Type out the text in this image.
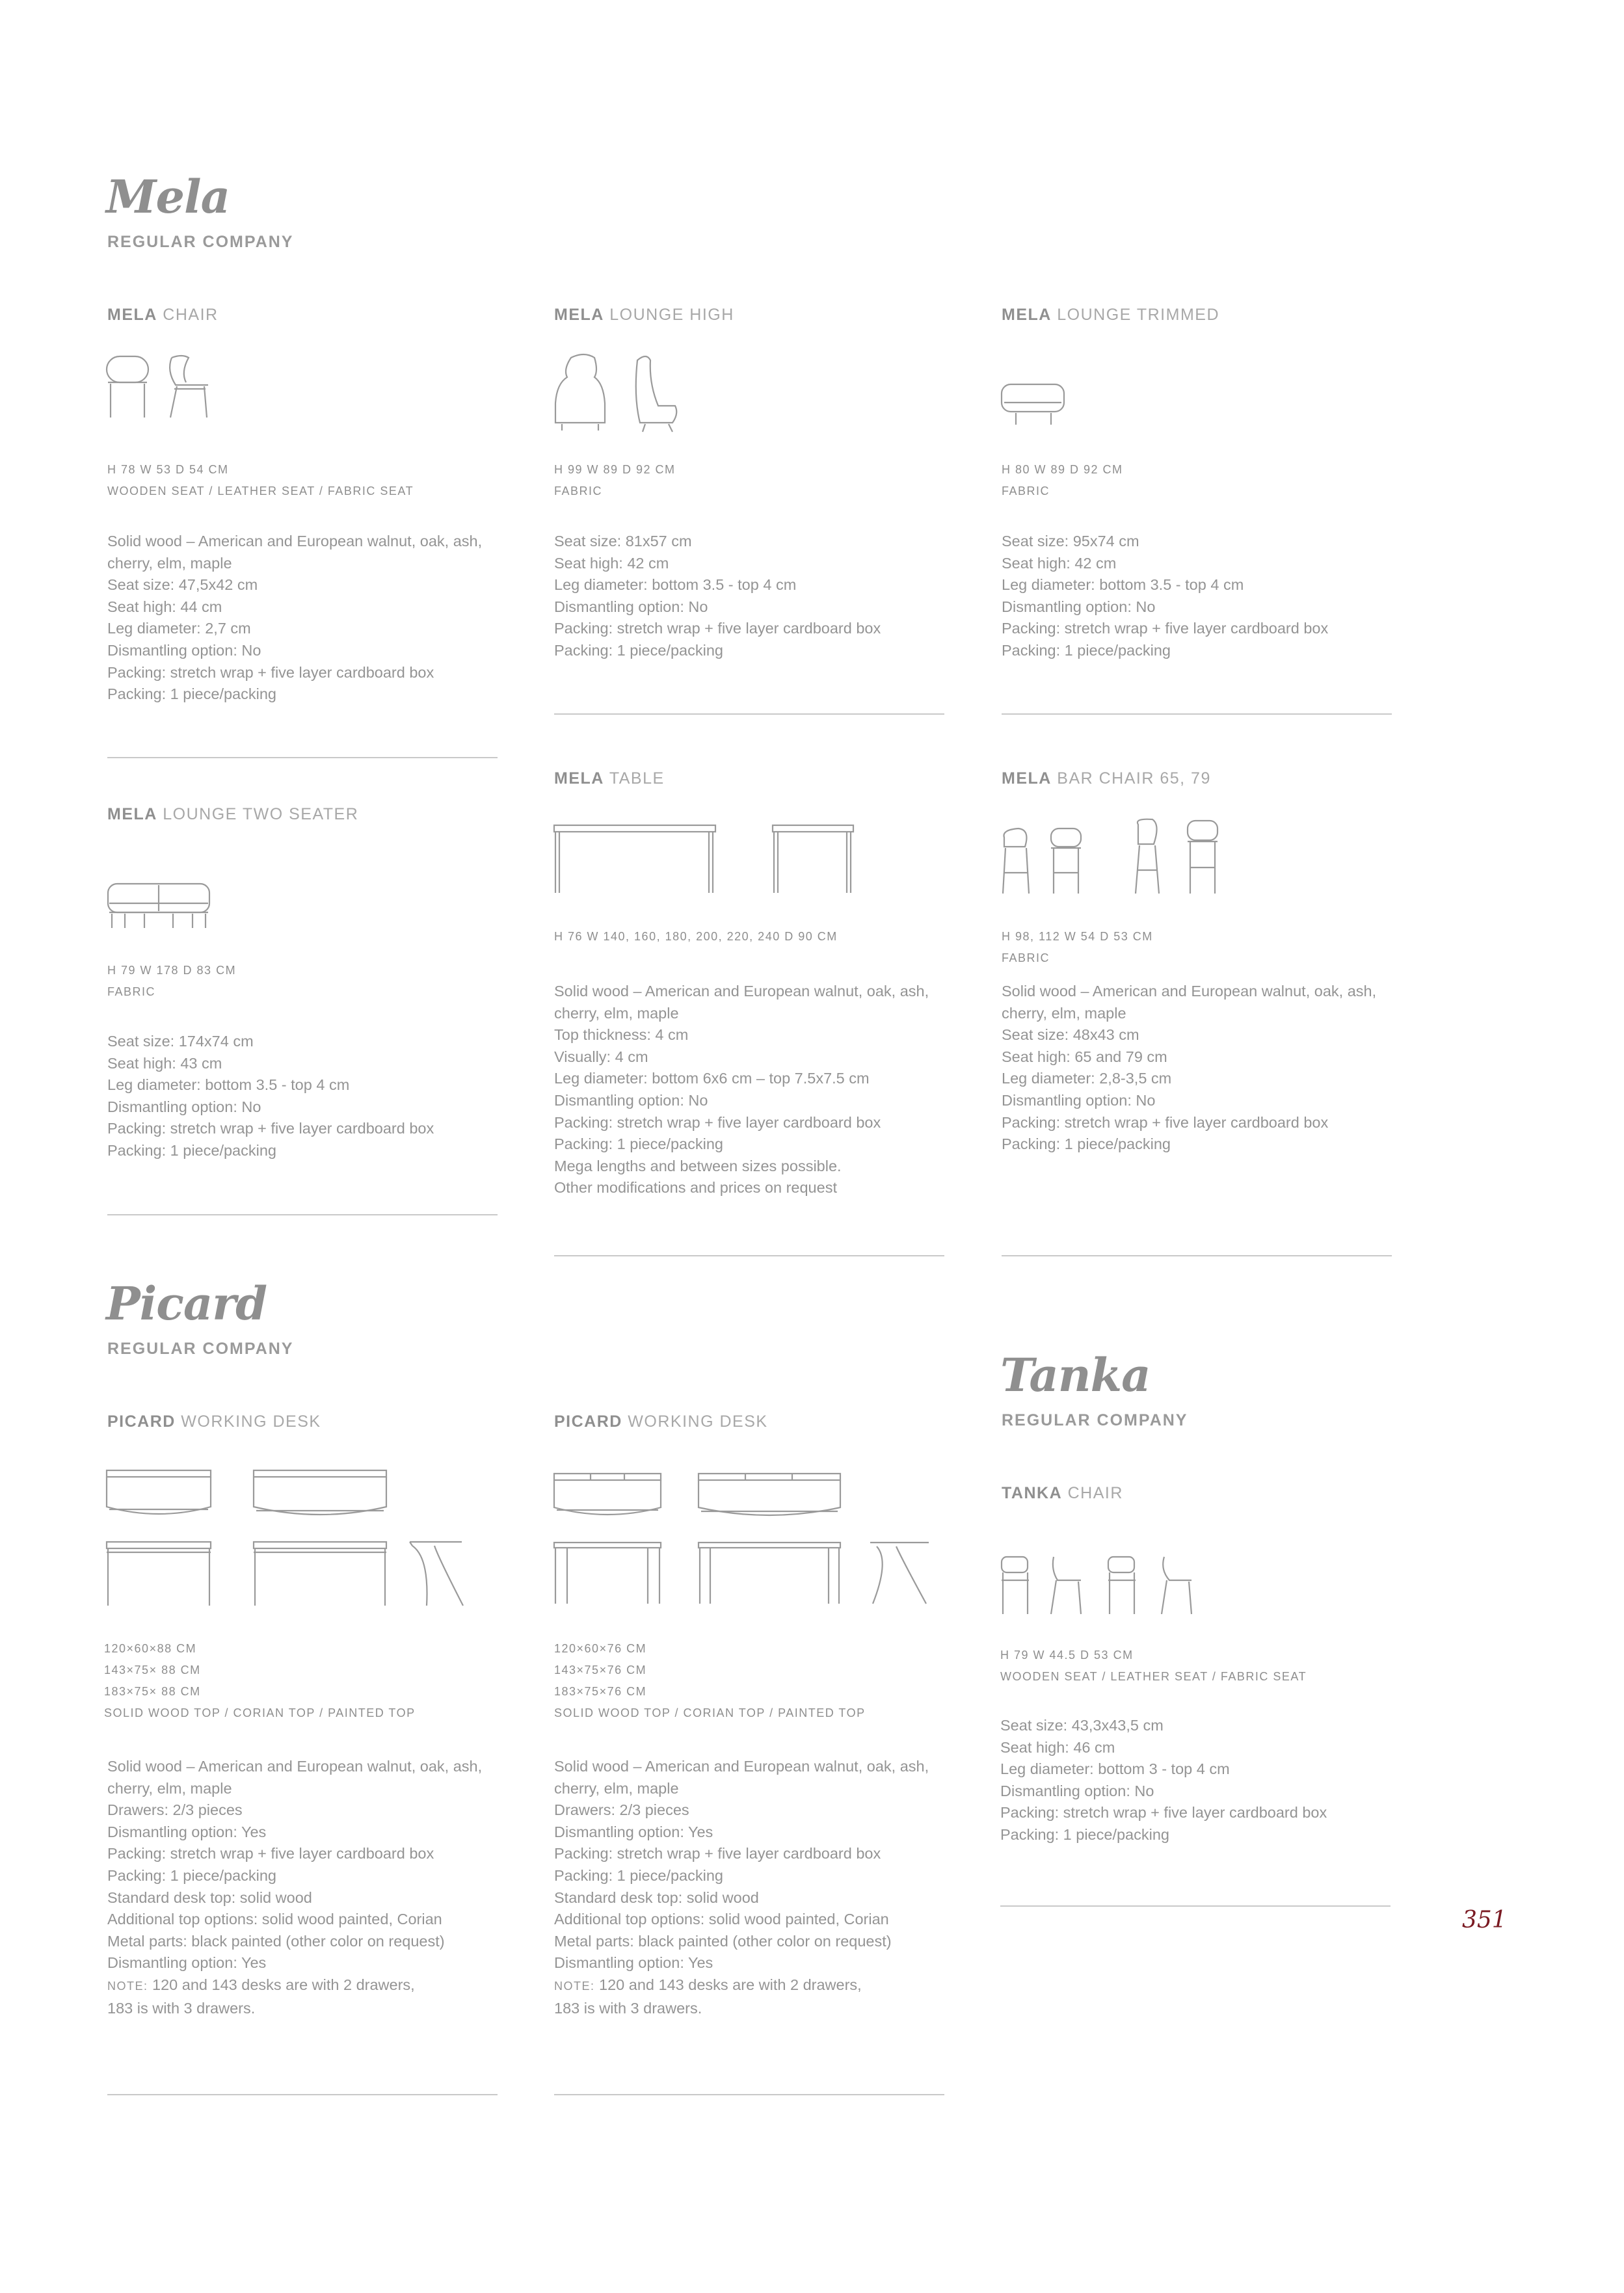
Mela
REGULAR COMPANY
MELA CHAIR
H 78 W 53 D 54 CM
WOODEN SEAT / LEATHER SEAT / FABRIC SEAT
Solid wood – American and European walnut, oak, ash,
cherry, elm, maple
Seat size: 47,5x42 cm
Seat high: 44 cm
Leg diameter: 2,7 cm
Dismantling option: No
Packing: stretch wrap + five layer cardboard box
Packing: 1 piece/packing
MELA LOUNGE HIGH
H 99 W 89 D 92 CM
FABRIC
Seat size: 81x57 cm
Seat high: 42 cm
Leg diameter: bottom 3.5 - top 4 cm
Dismantling option: No
Packing: stretch wrap + five layer cardboard box
Packing: 1 piece/packing
MELA LOUNGE TRIMMED
H 80 W 89 D 92 CM
FABRIC
Seat size: 95x74 cm
Seat high: 42 cm
Leg diameter: bottom 3.5 - top 4 cm
Dismantling option: No
Packing: stretch wrap + five layer cardboard box
Packing: 1 piece/packing
MELA LOUNGE TWO SEATER
H 79 W 178 D 83 CM
FABRIC
Seat size: 174x74 cm
Seat high: 43 cm
Leg diameter: bottom 3.5 - top 4 cm
Dismantling option: No
Packing: stretch wrap + five layer cardboard box
Packing: 1 piece/packing
MELA TABLE
H 76 W 140, 160, 180, 200, 220, 240 D 90 CM
Solid wood – American and European walnut, oak, ash,
cherry, elm, maple
Top thickness: 4 cm
Visually: 4 cm
Leg diameter: bottom 6x6 cm – top 7.5x7.5 cm
Dismantling option: No
Packing: stretch wrap + five layer cardboard box
Packing: 1 piece/packing
Mega lengths and between sizes possible.
Other modifications and prices on request
MELA BAR CHAIR 65, 79
H 98, 112 W 54 D 53 CM
FABRIC
Solid wood – American and European walnut, oak, ash,
cherry, elm, maple
Seat size: 48x43 cm
Seat high: 65 and 79 cm
Leg diameter: 2,8-3,5 cm
Dismantling option: No
Packing: stretch wrap + five layer cardboard box
Packing: 1 piece/packing
Picard
REGULAR COMPANY
PICARD WORKING DESK
120×60×88 CM
143×75× 88 CM
183×75× 88 CM
SOLID WOOD TOP / CORIAN TOP / PAINTED TOP
Solid wood – American and European walnut, oak, ash,
cherry, elm, maple
Drawers: 2/3 pieces
Dismantling option: Yes
Packing: stretch wrap + five layer cardboard box
Packing: 1 piece/packing
Standard desk top: solid wood
Additional top options: solid wood painted, Corian
Metal parts: black painted (other color on request)
Dismantling option: Yes
NOTE: 120 and 143 desks are with 2 drawers,
183 is with 3 drawers.
PICARD WORKING DESK
120×60×76 CM
143×75×76 CM
183×75×76 CM
SOLID WOOD TOP / CORIAN TOP / PAINTED TOP
Solid wood – American and European walnut, oak, ash,
cherry, elm, maple
Drawers: 2/3 pieces
Dismantling option: Yes
Packing: stretch wrap + five layer cardboard box
Packing: 1 piece/packing
Standard desk top: solid wood
Additional top options: solid wood painted, Corian
Metal parts: black painted (other color on request)
Dismantling option: Yes
NOTE: 120 and 143 desks are with 2 drawers,
183 is with 3 drawers.
Tanka
REGULAR COMPANY
TANKA CHAIR
H 79 W 44.5 D 53 CM
WOODEN SEAT / LEATHER SEAT / FABRIC SEAT
Seat size: 43,3x43,5 cm
Seat high: 46 cm
Leg diameter: bottom 3 - top 4 cm
Dismantling option: No
Packing: stretch wrap + five layer cardboard box
Packing: 1 piece/packing
351
